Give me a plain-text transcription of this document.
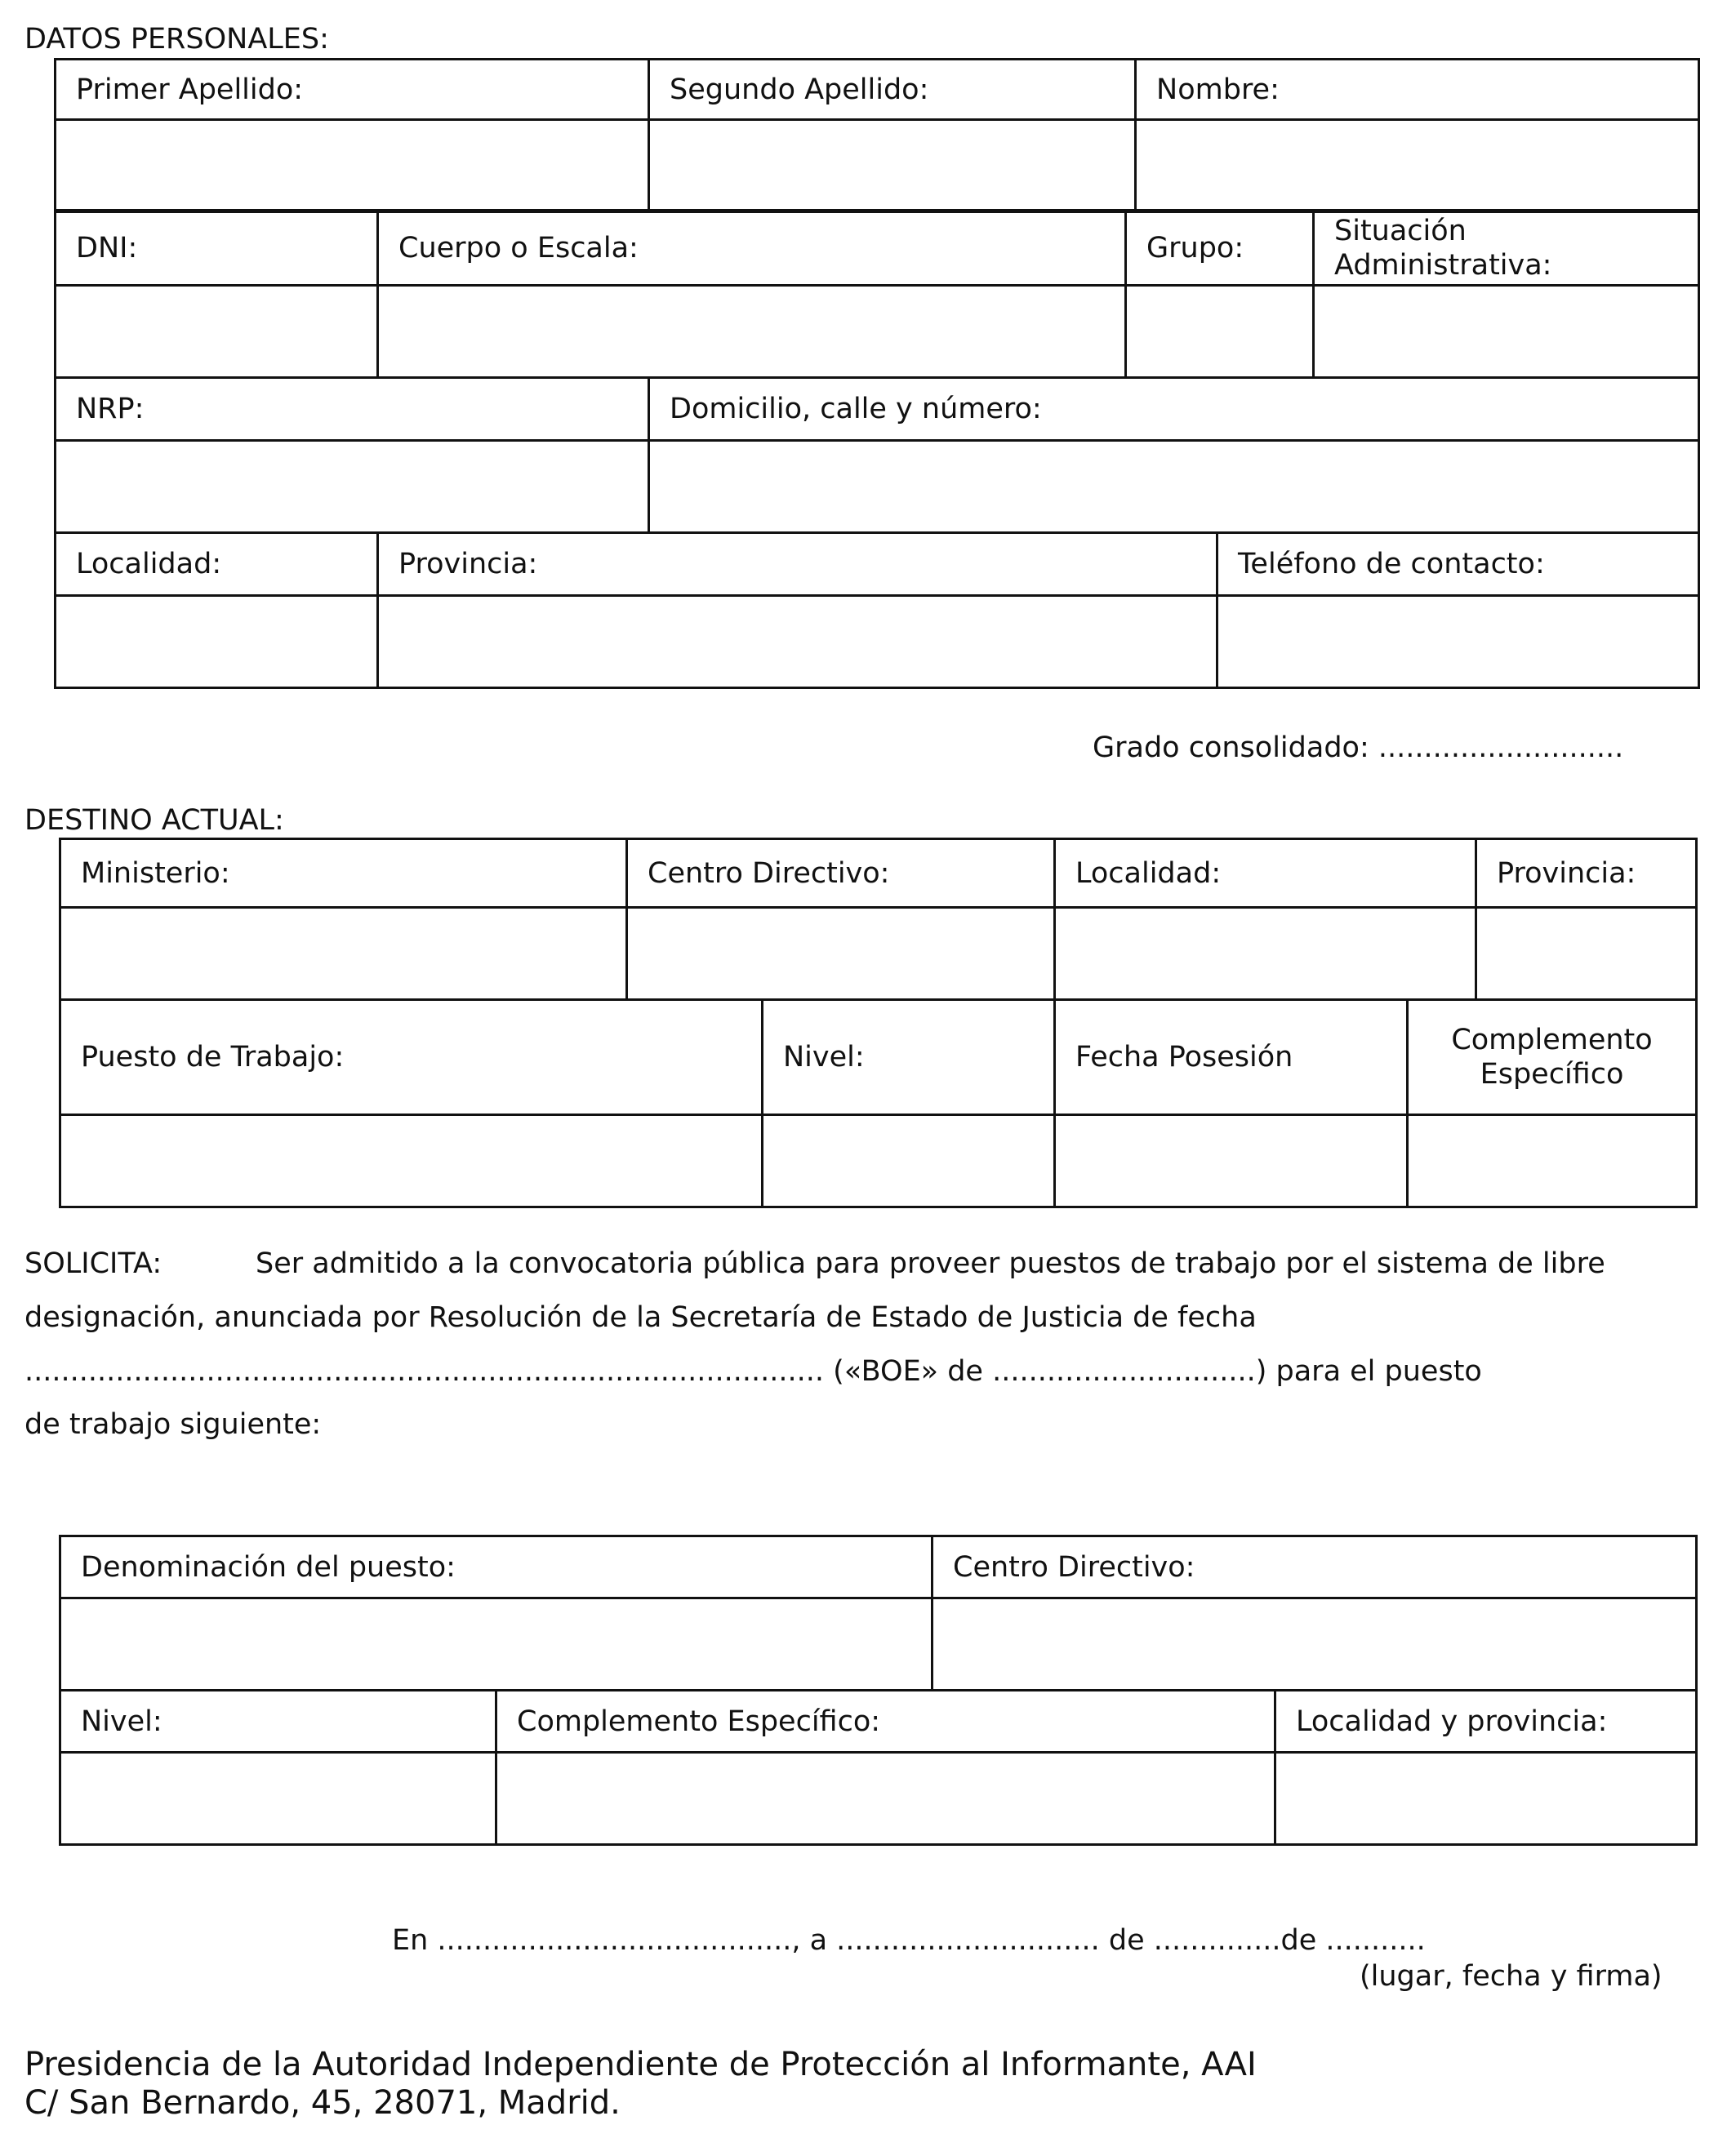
DATOS PERSONALES:
Primer Apellido:	Segundo Apellido:	Nombre:

DNI:	Cuerpo o Escala:	Grupo:	Situación
Administrativa:

NRP:	Domicilio, calle y número:

Localidad:	Provincia:	Teléfono de contacto:

Grado consolidado: ...........................
DESTINO ACTUAL:
Ministerio:	Centro Directivo:	Localidad:	Provincia:

Puesto de Trabajo:	Nivel:	Fecha Posesión	Complemento
Específico

SOLICITA:	Ser admitido a la convocatoria pública para proveer puestos de trabajo por el sistema de libre
designación, anunciada por Resolución de la Secretaría de Estado de Justicia de fecha
........................................................................................ («BOE» de .............................) para el puesto
de trabajo siguiente:
Denominación del puesto:	Centro Directivo:

Nivel:	Complemento Específico:	Localidad y provincia:

En ......................................., a ............................. de ..............de ...........
(lugar, fecha y firma)
Presidencia de la Autoridad Independiente de Protección al Informante, AAI
C/ San Bernardo, 45, 28071, Madrid.
